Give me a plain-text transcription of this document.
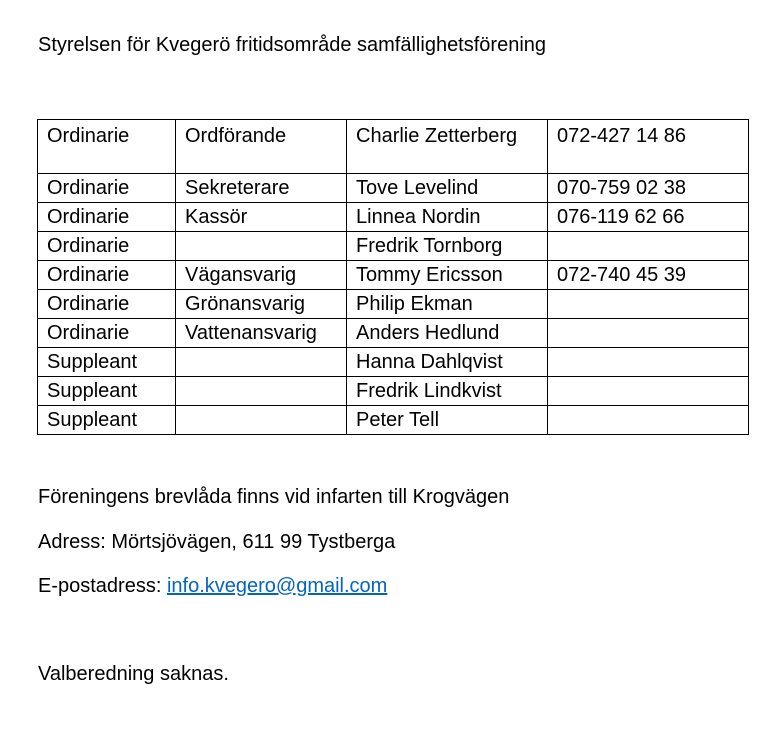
Styrelsen för Kvegerö fritidsområde samfällighetsförening
Ordinarie	Ordförande	Charlie Zetterberg	072-427 14 86
Ordinarie	Sekreterare	Tove Levelind	070-759 02 38
Ordinarie	Kassör	Linnea Nordin	076-119 62 66
Ordinarie		Fredrik Tornborg	
Ordinarie	Vägansvarig	Tommy Ericsson	072-740 45 39
Ordinarie	Grönansvarig	Philip Ekman	
Ordinarie	Vattenansvarig	Anders Hedlund	
Suppleant		Hanna Dahlqvist	
Suppleant		Fredrik Lindkvist	
Suppleant		Peter Tell	

Föreningens brevlåda finns vid infarten till Krogvägen

Adress: Mörtsjövägen, 611 99 Tystberga

E-postadress: info.kvegero@gmail.com

Valberedning saknas.
